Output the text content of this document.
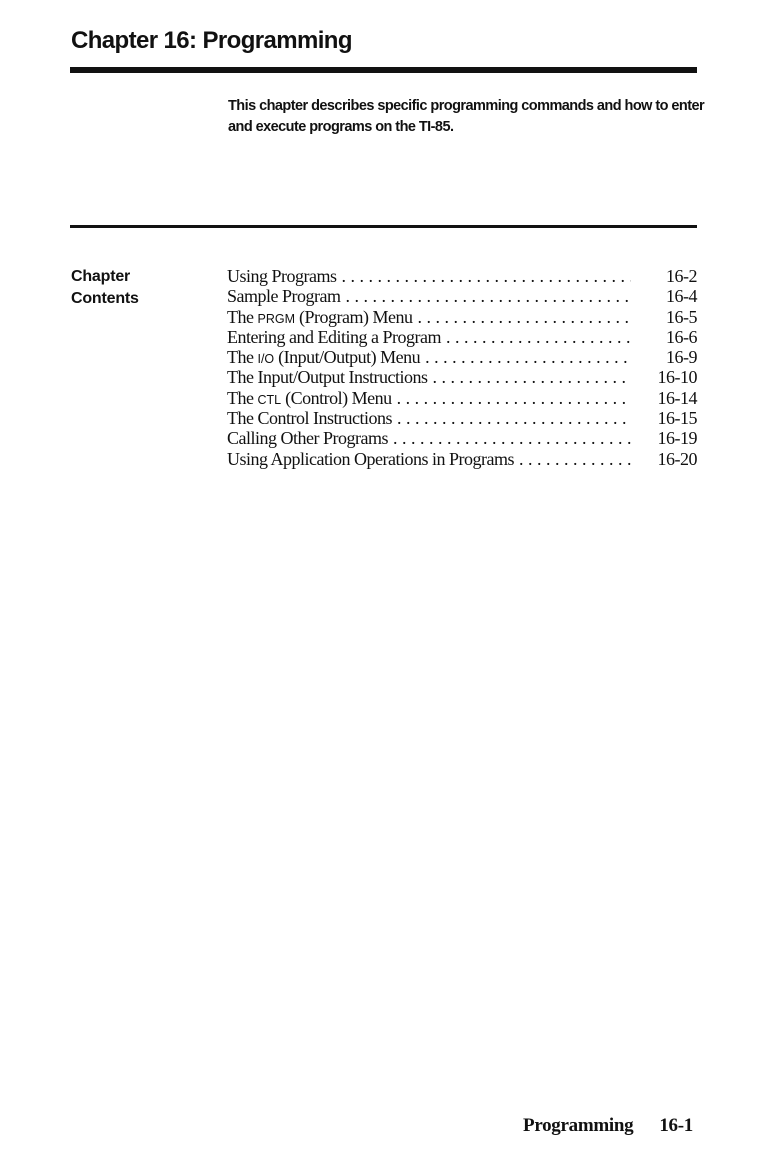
Chapter 16: Programming

This chapter describes specific programming commands and how to enter and execute programs on the TI-85.

Chapter
Contents
Using Programs . . .	16-2
Sample Program . . .	16-4
The PRGM (Program) Menu . . .	16-5
Entering and Editing a Program . . .	16-6
The I/O (Input/Output) Menu . . .	16-9
The Input/Output Instructions . . .	16-10
The CTL (Control) Menu . . .	16-14
The Control Instructions . . .	16-15
Calling Other Programs . . .	16-19
Using Application Operations in Programs . . .	16-20

Programming 16-1
